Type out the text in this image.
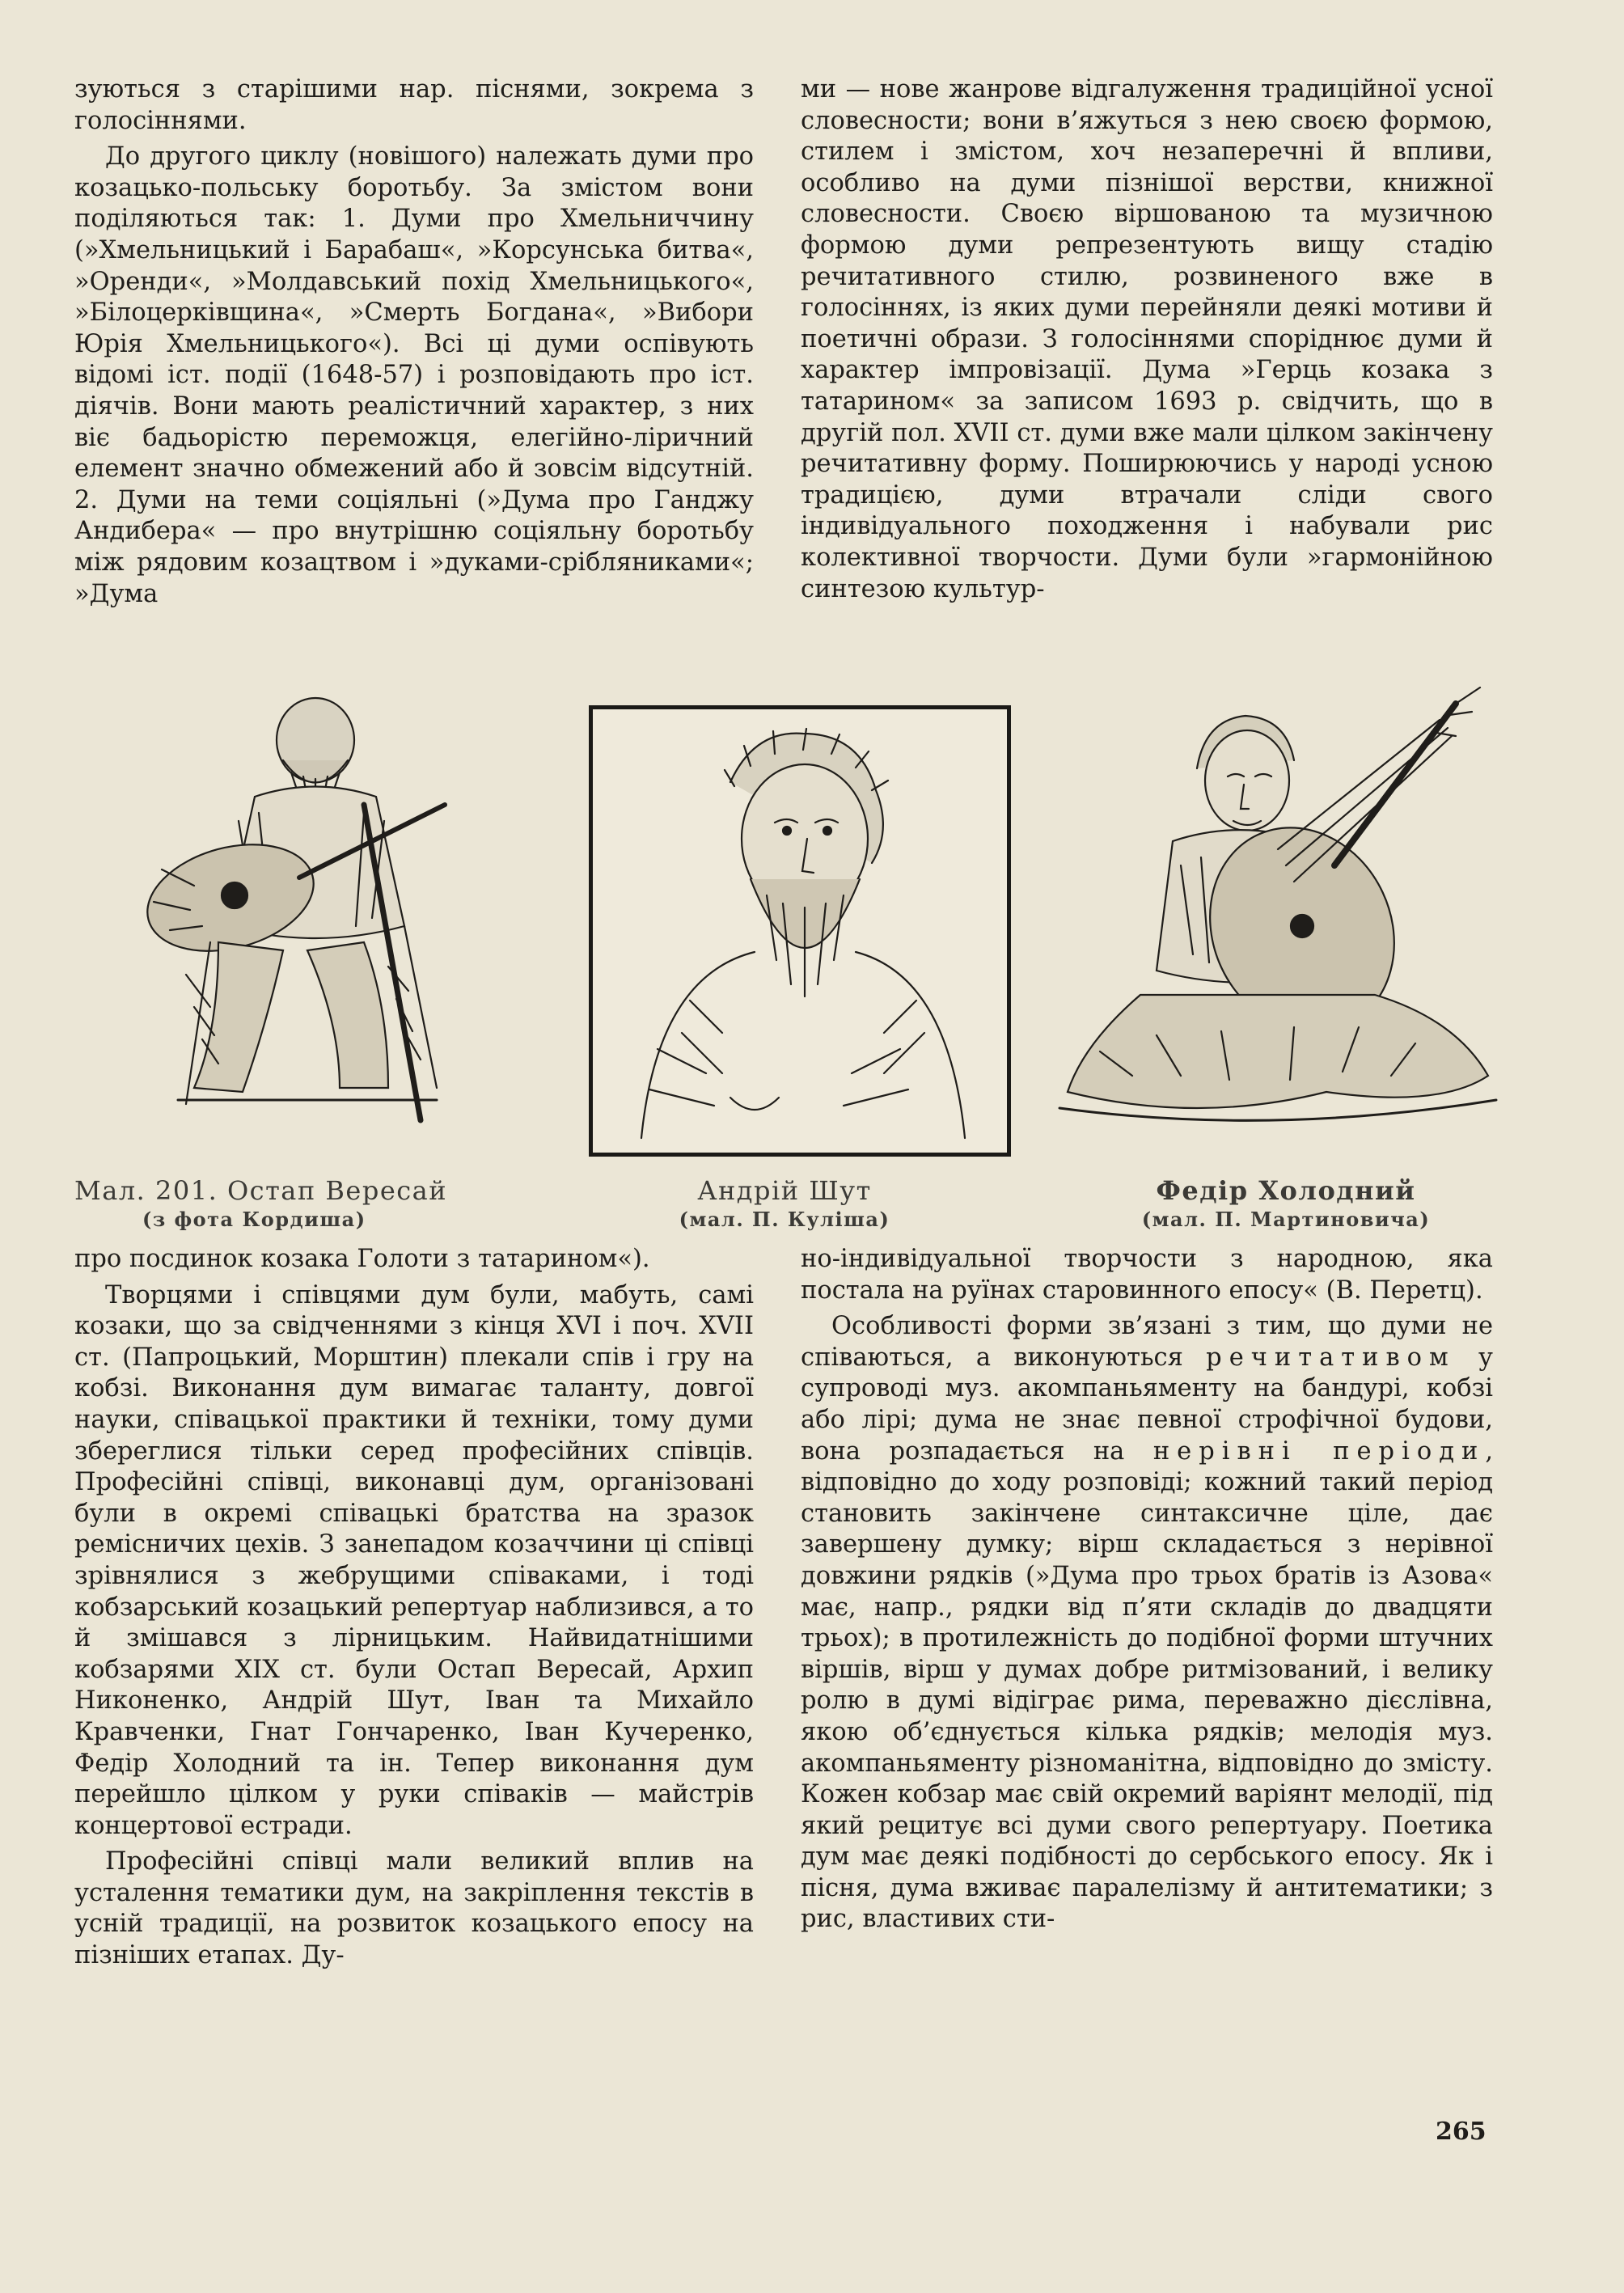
зуються з старішими нар. піснями, зокрема з голосіннями.

До другого циклу (новішого) належать думи про козацько-польську боротьбу. За змістом вони поділяються так: 1. Думи про Хмельниччину (»Хмельницький і Барабаш«, »Корсунська битва«, »Оренди«, »Молдавський похід Хмельницького«, »Білоцерківщина«, »Смерть Богдана«, »Вибори Юрія Хмельницького«). Всі ці думи оспівують відомі іст. події (1648-57) і розповідають про іст. діячів. Вони мають реалістичний характер, з них віє бадьорістю переможця, елегійно-ліричний елемент значно обмежений або й зовсім відсутній. 2. Думи на теми соціяльні (»Дума про Ганджу Андибера« — про внутрішню соціяльну боротьбу між рядовим козацтвом і »дуками-срібляниками«; »Дума

ми — нове жанрове відгалуження традиційної усної словесности; вони в’яжуться з нею своєю формою, стилем і змістом, хоч незаперечні й впливи, особливо на думи пізнішої верстви, книжної словесности. Своєю віршованою та музичною формою думи репрезентують вищу стадію речитативного стилю, розвиненого вже в голосіннях, із яких думи перейняли деякі мотиви й поетичні образи. З голосіннями споріднює думи й характер імпровізації. Дума »Герць козака з татарином« за записом 1693 р. свідчить, що в другій пол. XVII ст. думи вже мали цілком закінчену речитативну форму. Поширюючись у народі усною традицією, думи втрачали сліди свого індивідуального походження і набували рис колективної творчости. Думи були »гармонійною синтезою культур-

Мал. 201. Остап Вересай
(з фота Кордиша)
Андрій Шут
(мал. П. Куліша)
Федір Холодний
(мал. П. Мартиновича)

про посдинок козака Голоти з татарином«).

Творцями і співцями дум були, мабуть, самі козаки, що за свідченнями з кінця XVI і поч. XVII ст. (Папроцький, Морштин) плекали спів і гру на кобзі. Виконання дум вимагає таланту, довгої науки, співацької практики й техніки, тому думи збереглися тільки серед професійних співців. Професійні співці, виконавці дум, організовані були в окремі співацькі братства на зразок ремісничих цехів. З занепадом козаччини ці співці зрівнялися з жебрущими співаками, і тоді кобзарський козацький репертуар наблизився, а то й змішався з лірницьким. Найвидатнішими кобзарями XIX ст. були Остап Вересай, Архип Никоненко, Андрій Шут, Іван та Михайло Кравченки, Гнат Гончаренко, Іван Кучеренко, Федір Холодний та ін. Тепер виконання дум перейшло цілком у руки співаків — майстрів концертової естради.

Професійні співці мали великий вплив на усталення тематики дум, на закріплення текстів в усній традиції, на розвиток козацького епосу на пізніших етапах. Ду-

но-індивідуальної творчости з народною, яка постала на руїнах старовинного епосу« (В. Перетц).

Особливості форми зв’язані з тим, що думи не співаються, а виконуються речитативом у супроводі муз. акомпаньяменту на бандурі, кобзі або лірі; дума не знає певної строфічної будови, вона розпадається на нерівні періоди, відповідно до ходу розповіді; кожний такий період становить закінчене синтаксичне ціле, дає завершену думку; вірш складається з нерівної довжини рядків (»Дума про трьох братів із Азова« має, напр., рядки від п’яти складів до двадцяти трьох); в протилежність до подібної форми штучних віршів, вірш у думах добре ритмізований, і велику ролю в думі відіграє рима, переважно дієслівна, якою об’єднується кілька рядків; мелодія муз. акомпаньяменту різноманітна, відповідно до змісту. Кожен кобзар має свій окремий варіянт мелодії, під який рецитує всі думи свого репертуару. Поетика дум має деякі подібності до сербського епосу. Як і пісня, дума вживає паралелізму й антитематики; з рис, властивих сти-

265
